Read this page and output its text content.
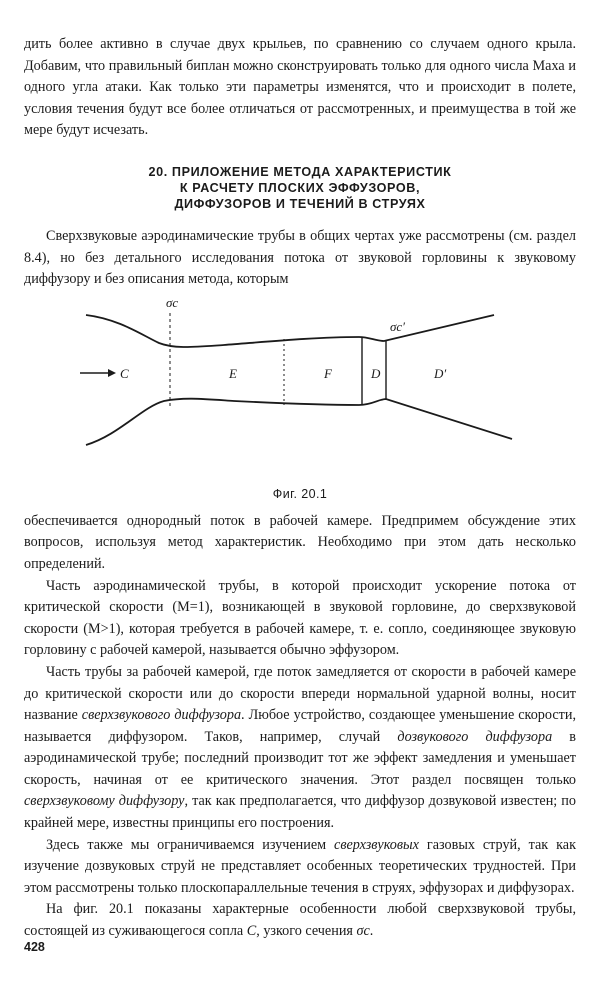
дить более активно в случае двух крыльев, по сравнению со случаем одного крыла. Добавим, что правильный биплан можно сконструировать только для одного числа Маха и одного угла атаки. Как только эти параметры изменятся, что и происходит в полете, условия течения будут все более отличаться от рассмотренных, и преимущества в той же мере будут исчезать.

20. ПРИЛОЖЕНИЕ МЕТОДА ХАРАКТЕРИСТИК
К РАСЧЕТУ ПЛОСКИХ ЭФФУЗОРОВ,
ДИФФУЗОРОВ И ТЕЧЕНИЙ В СТРУЯХ

Сверхзвуковые аэродинамические трубы в общих чертах уже рассмотрены (см. раздел 8.4), но без детального исследования потока от звуковой горловины к звуковому диффузору и без описания метода, которым

σc
σc′
C	E	F	D	D′
Фиг. 20.1

обеспечивается однородный поток в рабочей камере. Предпримем обсуждение этих вопросов, используя метод характеристик. Необходимо при этом дать несколько определений.

Часть аэродинамической трубы, в которой происходит ускорение потока от критической скорости (M=1), возникающей в звуковой горловине, до сверхзвуковой скорости (M>1), которая требуется в рабочей камере, т. е. сопло, соединяющее звуковую горловину с рабочей камерой, называется обычно эффузором.

Часть трубы за рабочей камерой, где поток замедляется от скорости в рабочей камере до критической скорости или до скорости впереди нормальной ударной волны, носит название сверхзвукового диффузора. Любое устройство, создающее уменьшение скорости, называется диффузором. Таков, например, случай дозвукового диффузора в аэродинамической трубе; последний производит тот же эффект замедления и уменьшает скорость, начиная от ее критического значения. Этот раздел посвящен только сверхзвуковому диффузору, так как предполагается, что диффузор дозвуковой известен; по крайней мере, известны принципы его построения.

Здесь также мы ограничиваемся изучением сверхзвуковых газовых струй, так как изучение дозвуковых струй не представляет особенных теоретических трудностей. При этом рассмотрены только плоскопараллельные течения в струях, эффузорах и диффузорах.

На фиг. 20.1 показаны характерные особенности любой сверхзвуковой трубы, состоящей из суживающегося сопла C, узкого сечения σc.

428
